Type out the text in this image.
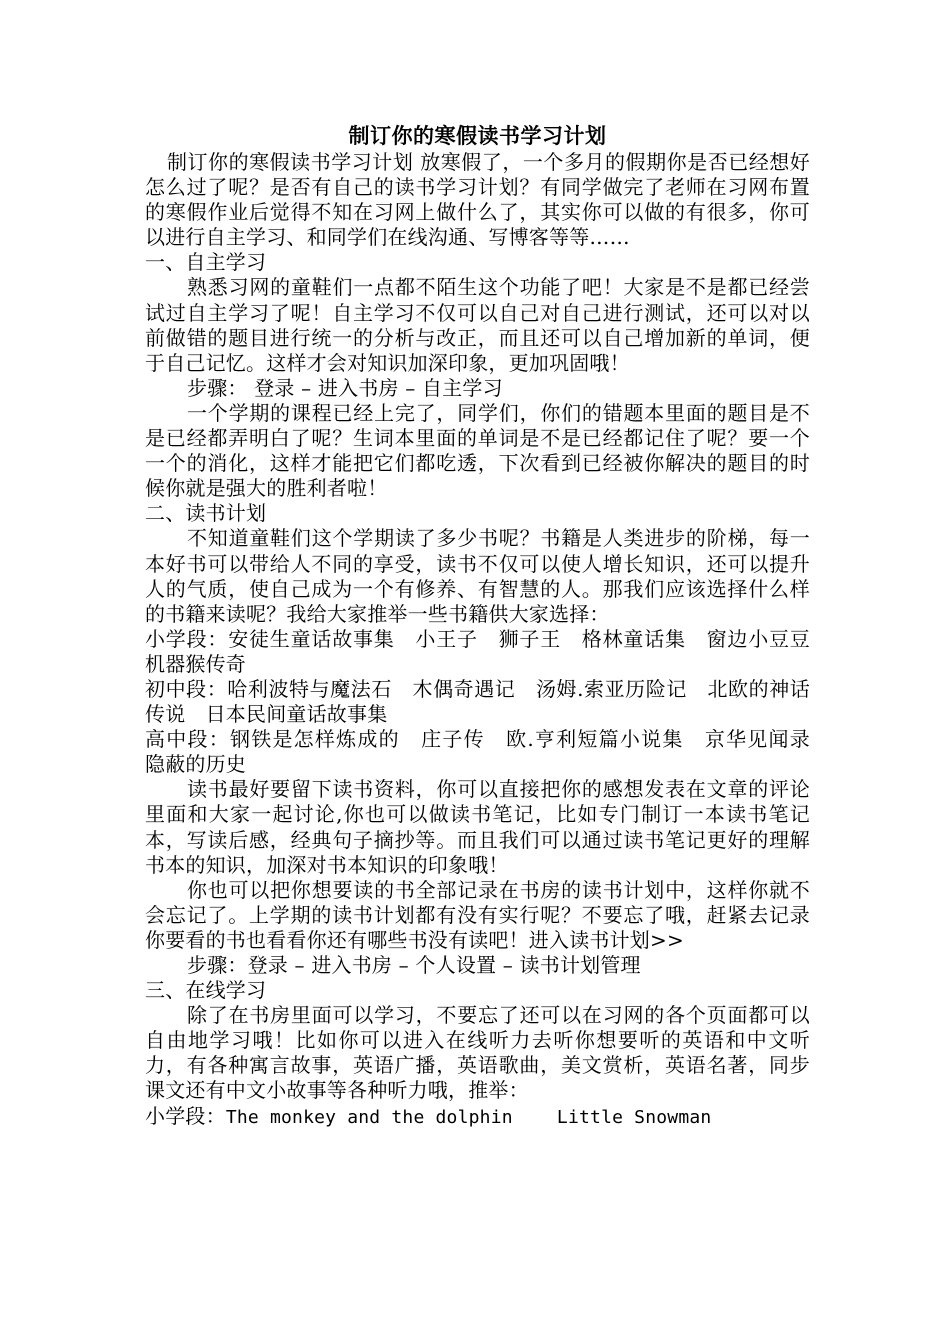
制订你的寒假读书学习计划

制订你的寒假读书学习计划 放寒假了，一个多月的假期你是否已经想好怎么过了呢？是否有自己的读书学习计划？有同学做完了老师在习网布置的寒假作业后觉得不知在习网上做什么了，其实你可以做的有很多，你可以进行自主学习、和同学们在线沟通、写博客等等……

一、自主学习

熟悉习网的童鞋们一点都不陌生这个功能了吧！大家是不是都已经尝试过自主学习了呢！自主学习不仅可以自己对自己进行测试，还可以对以前做错的题目进行统一的分析与改正，而且还可以自己增加新的单词，便于自己记忆。这样才会对知识加深印象，更加巩固哦！

步骤： 登录 – 进入书房 – 自主学习

一个学期的课程已经上完了，同学们，你们的错题本里面的题目是不是已经都弄明白了呢？生词本里面的单词是不是已经都记住了呢？要一个一个的消化，这样才能把它们都吃透，下次看到已经被你解决的题目的时候你就是强大的胜利者啦！

二、读书计划

不知道童鞋们这个学期读了多少书呢？书籍是人类进步的阶梯，每一本好书可以带给人不同的享受，读书不仅可以使人增长知识，还可以提升人的气质，使自己成为一个有修养、有智慧的人。那我们应该选择什么样的书籍来读呢？我给大家推举一些书籍供大家选择：

小学段：安徒生童话故事集　小王子　狮子王　格林童话集　窗边小豆豆　机器猴传奇

初中段：哈利波特与魔法石　木偶奇遇记　汤姆.索亚历险记　北欧的神话传说　日本民间童话故事集

高中段：钢铁是怎样炼成的　庄子传　欧.亨利短篇小说集　京华见闻录　隐蔽的历史

读书最好要留下读书资料，你可以直接把你的感想发表在文章的评论里面和大家一起讨论,你也可以做读书笔记，比如专门制订一本读书笔记本，写读后感，经典句子摘抄等。而且我们可以通过读书笔记更好的理解书本的知识，加深对书本知识的印象哦！

你也可以把你想要读的书全部记录在书房的读书计划中，这样你就不会忘记了。上学期的读书计划都有没有实行呢？不要忘了哦，赶紧去记录你要看的书也看看你还有哪些书没有读吧！进入读书计划>>

步骤：登录 – 进入书房 – 个人设置 – 读书计划管理

三、在线学习

除了在书房里面可以学习，不要忘了还可以在习网的各个页面都可以自由地学习哦！比如你可以进入在线听力去听你想要听的英语和中文听力，有各种寓言故事，英语广播，英语歌曲，美文赏析，英语名著，同步课文还有中文小故事等各种听力哦，推举：

小学段：The monkey and the dolphin    Little Snowman
